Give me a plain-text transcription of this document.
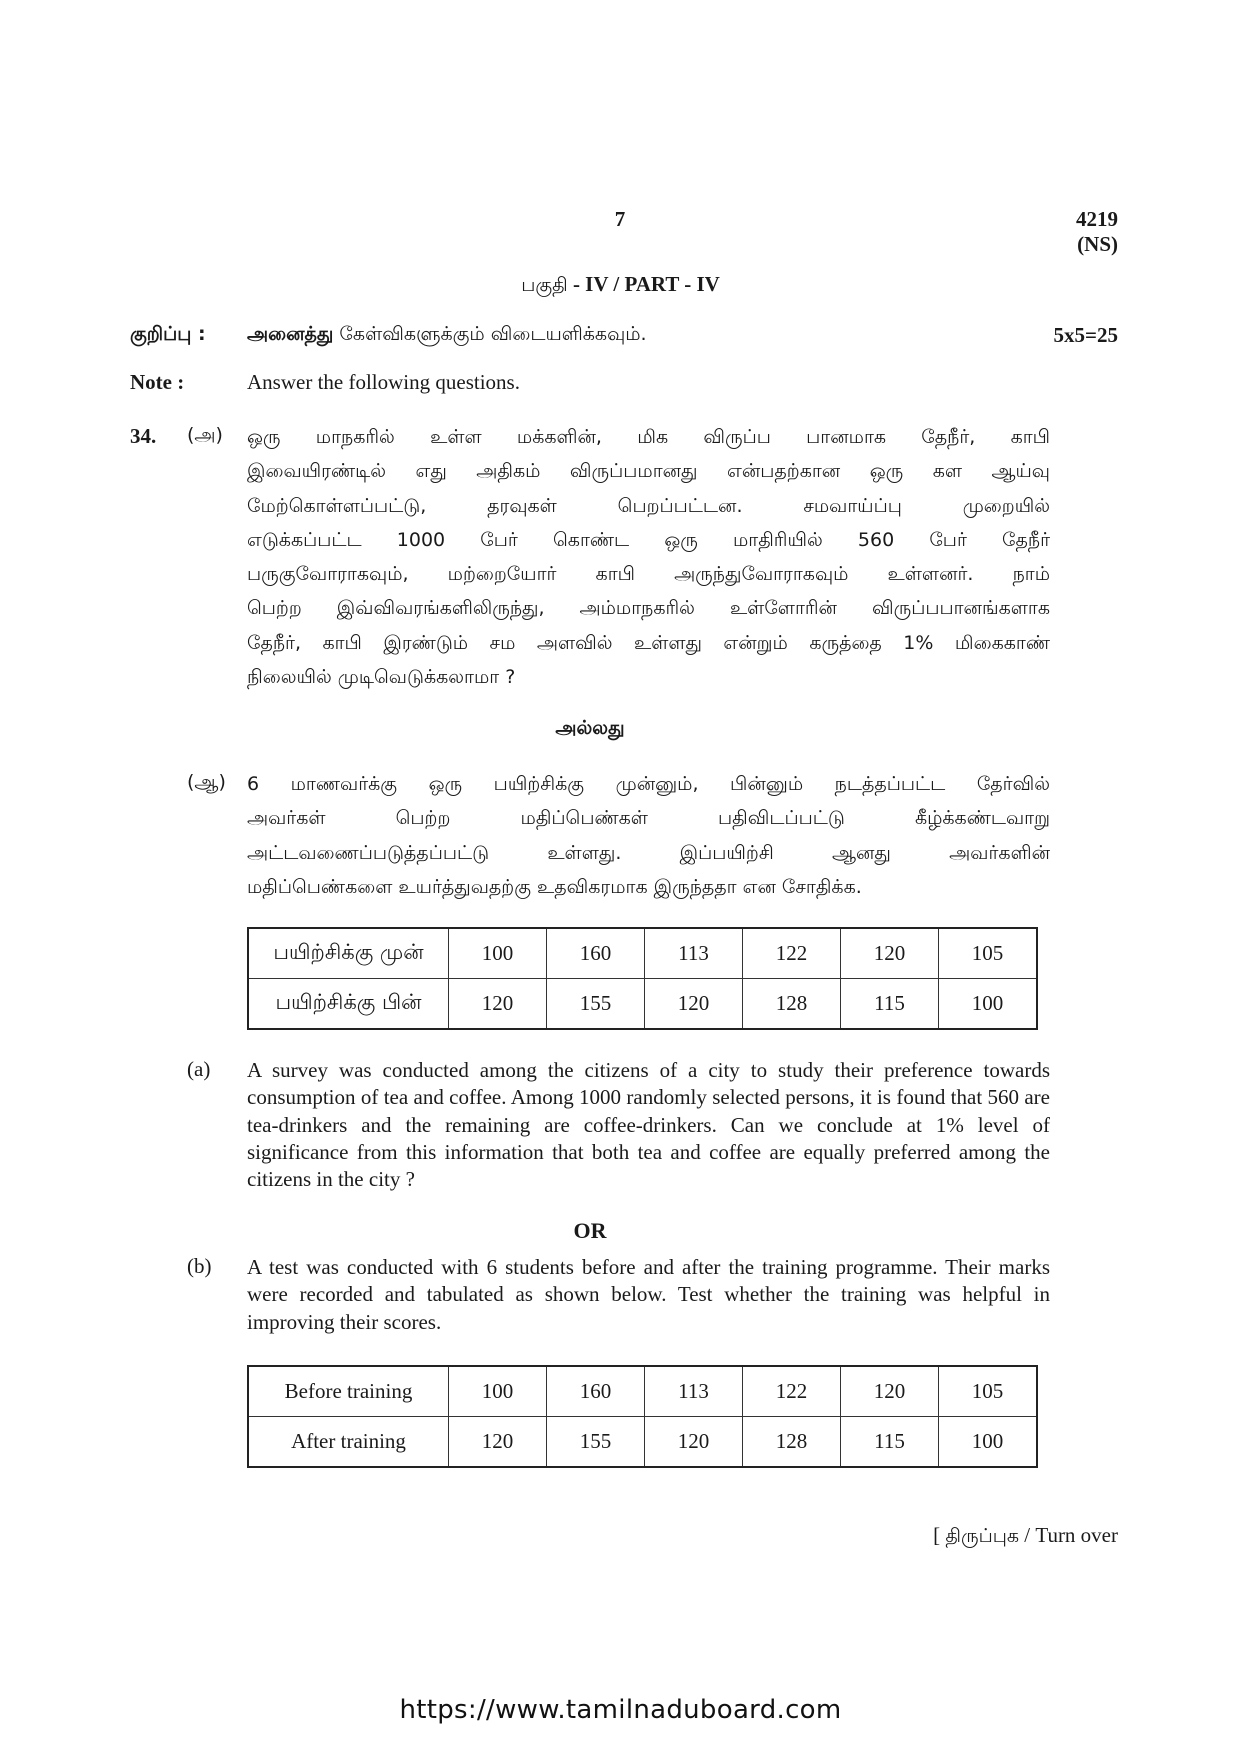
7	4219 (NS)
பகுதி - IV / PART - IV
குறிப்பு : அனைத்து கேள்விகளுக்கும் விடையளிக்கவும்.	5x5=25
Note :	Answer the following questions.
34. (அ) ஒரு மாநகரில் உள்ள மக்களின், மிக விருப்ப பானமாக தேநீர், காபி
இவையிரண்டில் எது அதிகம் விருப்பமானது என்பதற்கான ஒரு கள ஆய்வு
மேற்கொள்ளப்பட்டு, தரவுகள் பெறப்பட்டன. சமவாய்ப்பு முறையில்
எடுக்கப்பட்ட 1000 பேர் கொண்ட ஒரு மாதிரியில் 560 பேர் தேநீர்
பருகுவோராகவும், மற்றையோர் காபி அருந்துவோராகவும் உள்ளனர். நாம்
பெற்ற இவ்விவரங்களிலிருந்து, அம்மாநகரில் உள்ளோரின் விருப்பபானங்களாக
தேநீர், காபி இரண்டும் சம அளவில் உள்ளது என்றும் கருத்தை 1% மிகைகாண்
நிலையில் முடிவெடுக்கலாமா ?
அல்லது
(ஆ) 6 மாணவர்க்கு ஒரு பயிற்சிக்கு முன்னும், பின்னும் நடத்தப்பட்ட தேர்வில்
அவர்கள் பெற்ற மதிப்பெண்கள் பதிவிடப்பட்டு கீழ்க்கண்டவாறு
அட்டவணைப்படுத்தப்பட்டு உள்ளது. இப்பயிற்சி ஆனது அவர்களின்
மதிப்பெண்களை உயர்த்துவதற்கு உதவிகரமாக இருந்ததா என சோதிக்க.
பயிற்சிக்கு முன்	100	160	113	122	120	105
பயிற்சிக்கு பின்	120	155	120	128	115	100
(a) A survey was conducted among the citizens of a city to study their preference towards consumption of tea and coffee. Among 1000 randomly selected persons, it is found that 560 are tea-drinkers and the remaining are coffee-drinkers. Can we conclude at 1% level of significance from this information that both tea and coffee are equally preferred among the citizens in the city ?
OR
(b) A test was conducted with 6 students before and after the training programme. Their marks were recorded and tabulated as shown below. Test whether the training was helpful in improving their scores.
Before training	100	160	113	122	120	105
After training	120	155	120	128	115	100
[ திருப்புக / Turn over
https://www.tamilnaduboard.com
